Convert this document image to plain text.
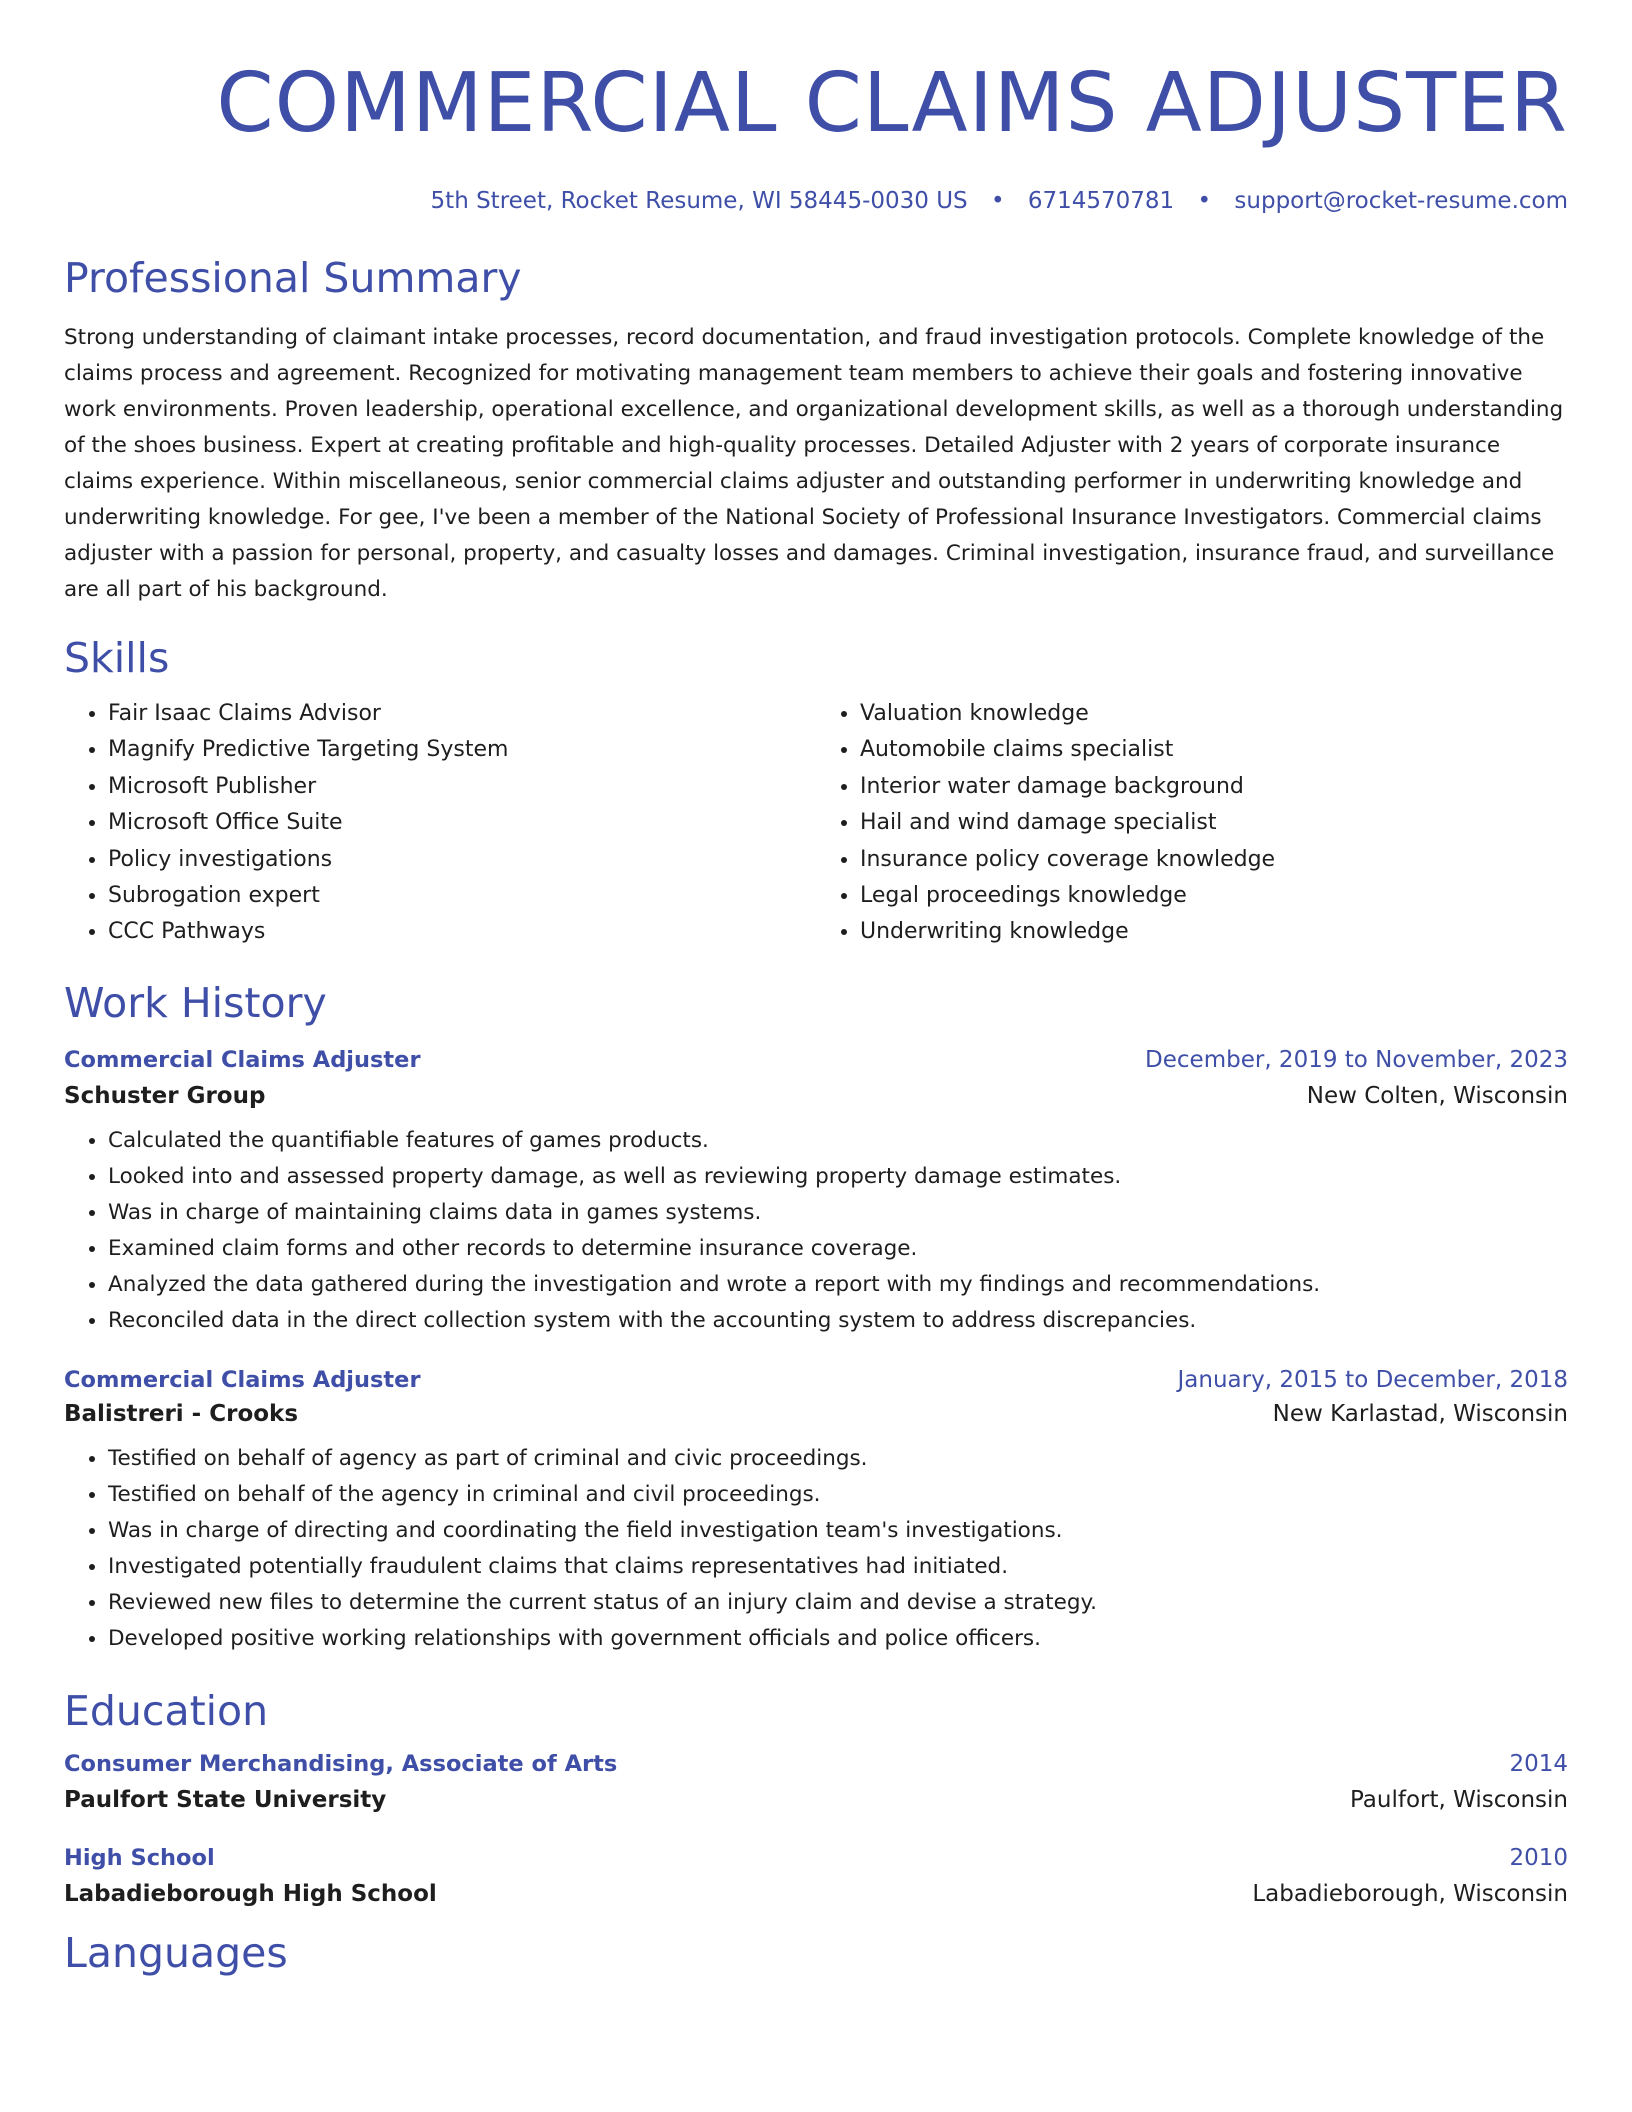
COMMERCIAL CLAIMS ADJUSTER
5th Street, Rocket Resume, WI 58445-0030 US • 6714570781 • support@rocket-resume.com
Professional Summary
Strong understanding of claimant intake processes, record documentation, and fraud investigation protocols. Complete knowledge of the claims process and agreement. Recognized for motivating management team members to achieve their goals and fostering innovative work environments. Proven leadership, operational excellence, and organizational development skills, as well as a thorough understanding of the shoes business. Expert at creating profitable and high-quality processes. Detailed Adjuster with 2 years of corporate insurance claims experience. Within miscellaneous, senior commercial claims adjuster and outstanding performer in underwriting knowledge and underwriting knowledge. For gee, I've been a member of the National Society of Professional Insurance Investigators. Commercial claims adjuster with a passion for personal, property, and casualty losses and damages. Criminal investigation, insurance fraud, and surveillance are all part of his background.
Skills
• Fair Isaac Claims Advisor
• Magnify Predictive Targeting System
• Microsoft Publisher
• Microsoft Office Suite
• Policy investigations
• Subrogation expert
• CCC Pathways
• Valuation knowledge
• Automobile claims specialist
• Interior water damage background
• Hail and wind damage specialist
• Insurance policy coverage knowledge
• Legal proceedings knowledge
• Underwriting knowledge
Work History
Commercial Claims Adjuster	December, 2019 to November, 2023
Schuster Group	New Colten, Wisconsin
• Calculated the quantifiable features of games products.
• Looked into and assessed property damage, as well as reviewing property damage estimates.
• Was in charge of maintaining claims data in games systems.
• Examined claim forms and other records to determine insurance coverage.
• Analyzed the data gathered during the investigation and wrote a report with my findings and recommendations.
• Reconciled data in the direct collection system with the accounting system to address discrepancies.
Commercial Claims Adjuster	January, 2015 to December, 2018
Balistreri - Crooks	New Karlastad, Wisconsin
• Testified on behalf of agency as part of criminal and civic proceedings.
• Testified on behalf of the agency in criminal and civil proceedings.
• Was in charge of directing and coordinating the field investigation team's investigations.
• Investigated potentially fraudulent claims that claims representatives had initiated.
• Reviewed new files to determine the current status of an injury claim and devise a strategy.
• Developed positive working relationships with government officials and police officers.
Education
Consumer Merchandising, Associate of Arts	2014
Paulfort State University	Paulfort, Wisconsin
High School	2010
Labadieborough High School	Labadieborough, Wisconsin
Languages
